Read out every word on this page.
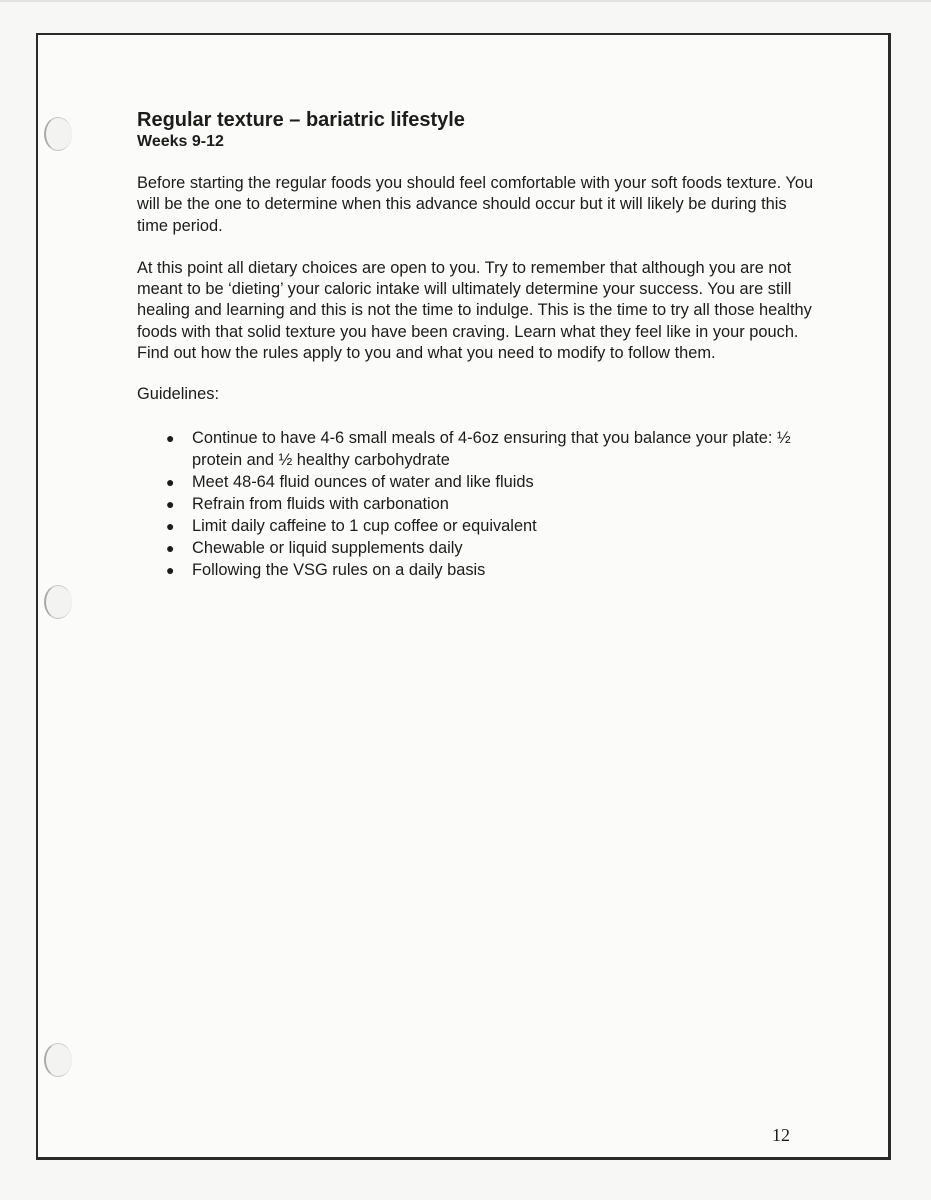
Regular texture – bariatric lifestyle
Weeks 9-12

Before starting the regular foods you should feel comfortable with your soft foods texture. You will be the one to determine when this advance should occur but it will likely be during this time period.

At this point all dietary choices are open to you. Try to remember that although you are not meant to be ‘dieting’ your caloric intake will ultimately determine your success. You are still healing and learning and this is not the time to indulge. This is the time to try all those healthy foods with that solid texture you have been craving. Learn what they feel like in your pouch. Find out how the rules apply to you and what you need to modify to follow them.

Guidelines:

● Continue to have 4-6 small meals of 4-6oz ensuring that you balance your plate: ½ protein and ½ healthy carbohydrate
● Meet 48-64 fluid ounces of water and like fluids
● Refrain from fluids with carbonation
● Limit daily caffeine to 1 cup coffee or equivalent
● Chewable or liquid supplements daily
● Following the VSG rules on a daily basis
12
